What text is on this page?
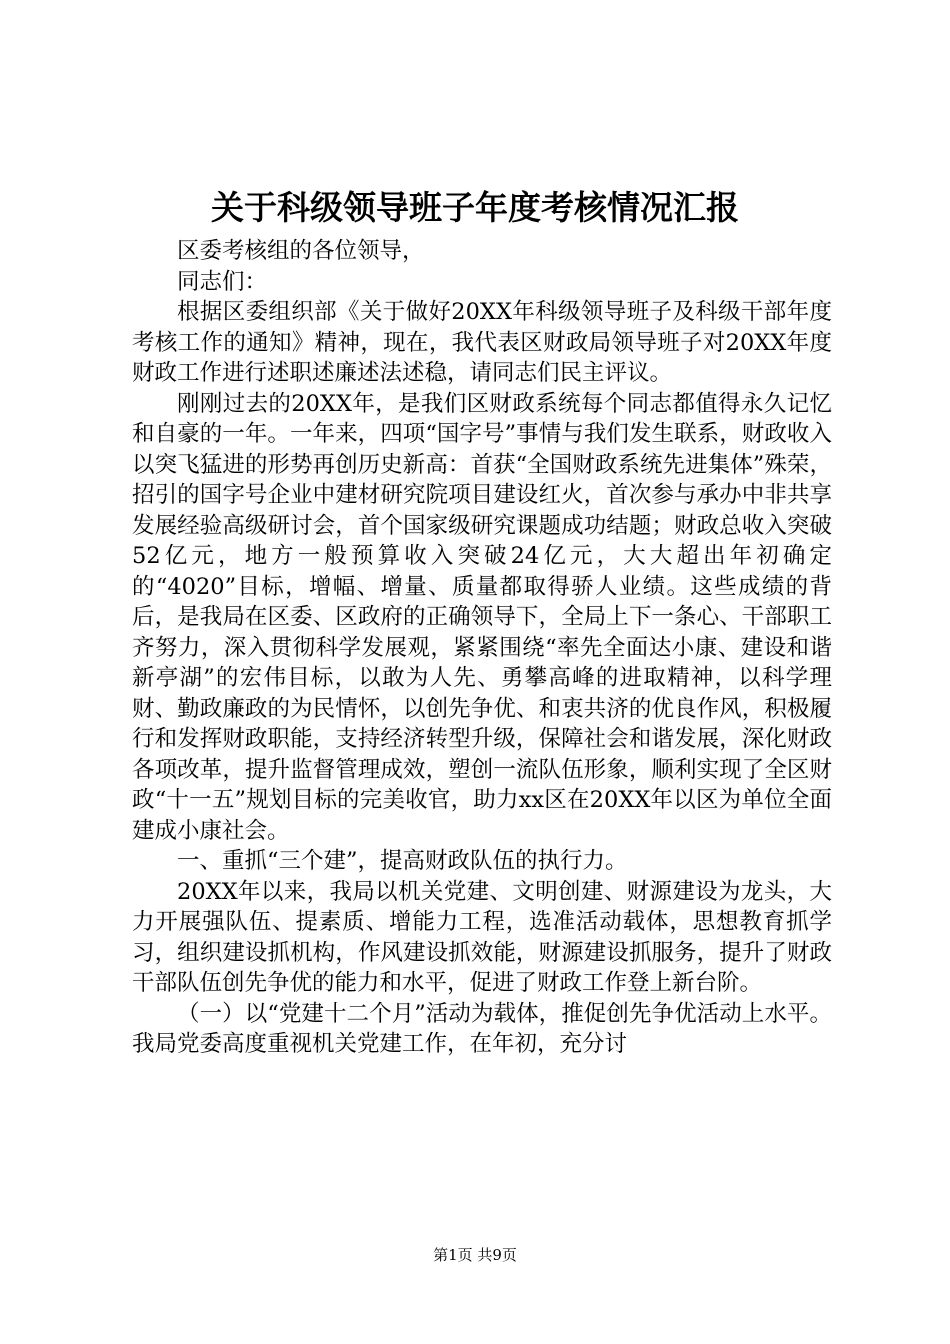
关于科级领导班子年度考核情况汇报

区委考核组的各位领导，

同志们：

根据区委组织部《关于做好20XX年科级领导班子及科级干部年度考核工作的通知》精神，现在，我代表区财政局领导班子对20XX年度财政工作进行述职述廉述法述稳，请同志们民主评议。

刚刚过去的20XX年，是我们区财政系统每个同志都值得永久记忆和自豪的一年。一年来，四项“国字号”事情与我们发生联系，财政收入以突飞猛进的形势再创历史新高：首获“全国财政系统先进集体”殊荣，招引的国字号企业中建材研究院项目建设红火，首次参与承办中非共享发展经验高级研讨会，首个国家级研究课题成功结题；财政总收入突破52亿元，地方一般预算收入突破24亿元，大大超出年初确定的“4020”目标，增幅、增量、质量都取得骄人业绩。这些成绩的背后，是我局在区委、区政府的正确领导下，全局上下一条心、干部职工齐努力，深入贯彻科学发展观，紧紧围绕“率先全面达小康、建设和谐新亭湖”的宏伟目标，以敢为人先、勇攀高峰的进取精神，以科学理财、勤政廉政的为民情怀，以创先争优、和衷共济的优良作风，积极履行和发挥财政职能，支持经济转型升级，保障社会和谐发展，深化财政各项改革，提升监督管理成效，塑创一流队伍形象，顺利实现了全区财政“十一五”规划目标的完美收官，助力xx区在20XX年以区为单位全面建成小康社会。

一、重抓“三个建”，提高财政队伍的执行力。

20XX年以来，我局以机关党建、文明创建、财源建设为龙头，大力开展强队伍、提素质、增能力工程，选准活动载体，思想教育抓学习，组织建设抓机构，作风建设抓效能，财源建设抓服务，提升了财政干部队伍创先争优的能力和水平，促进了财政工作登上新台阶。

（一）以“党建十二个月”活动为载体，推促创先争优活动上水平。我局党委高度重视机关党建工作，在年初，充分讨

第1页 共9页
